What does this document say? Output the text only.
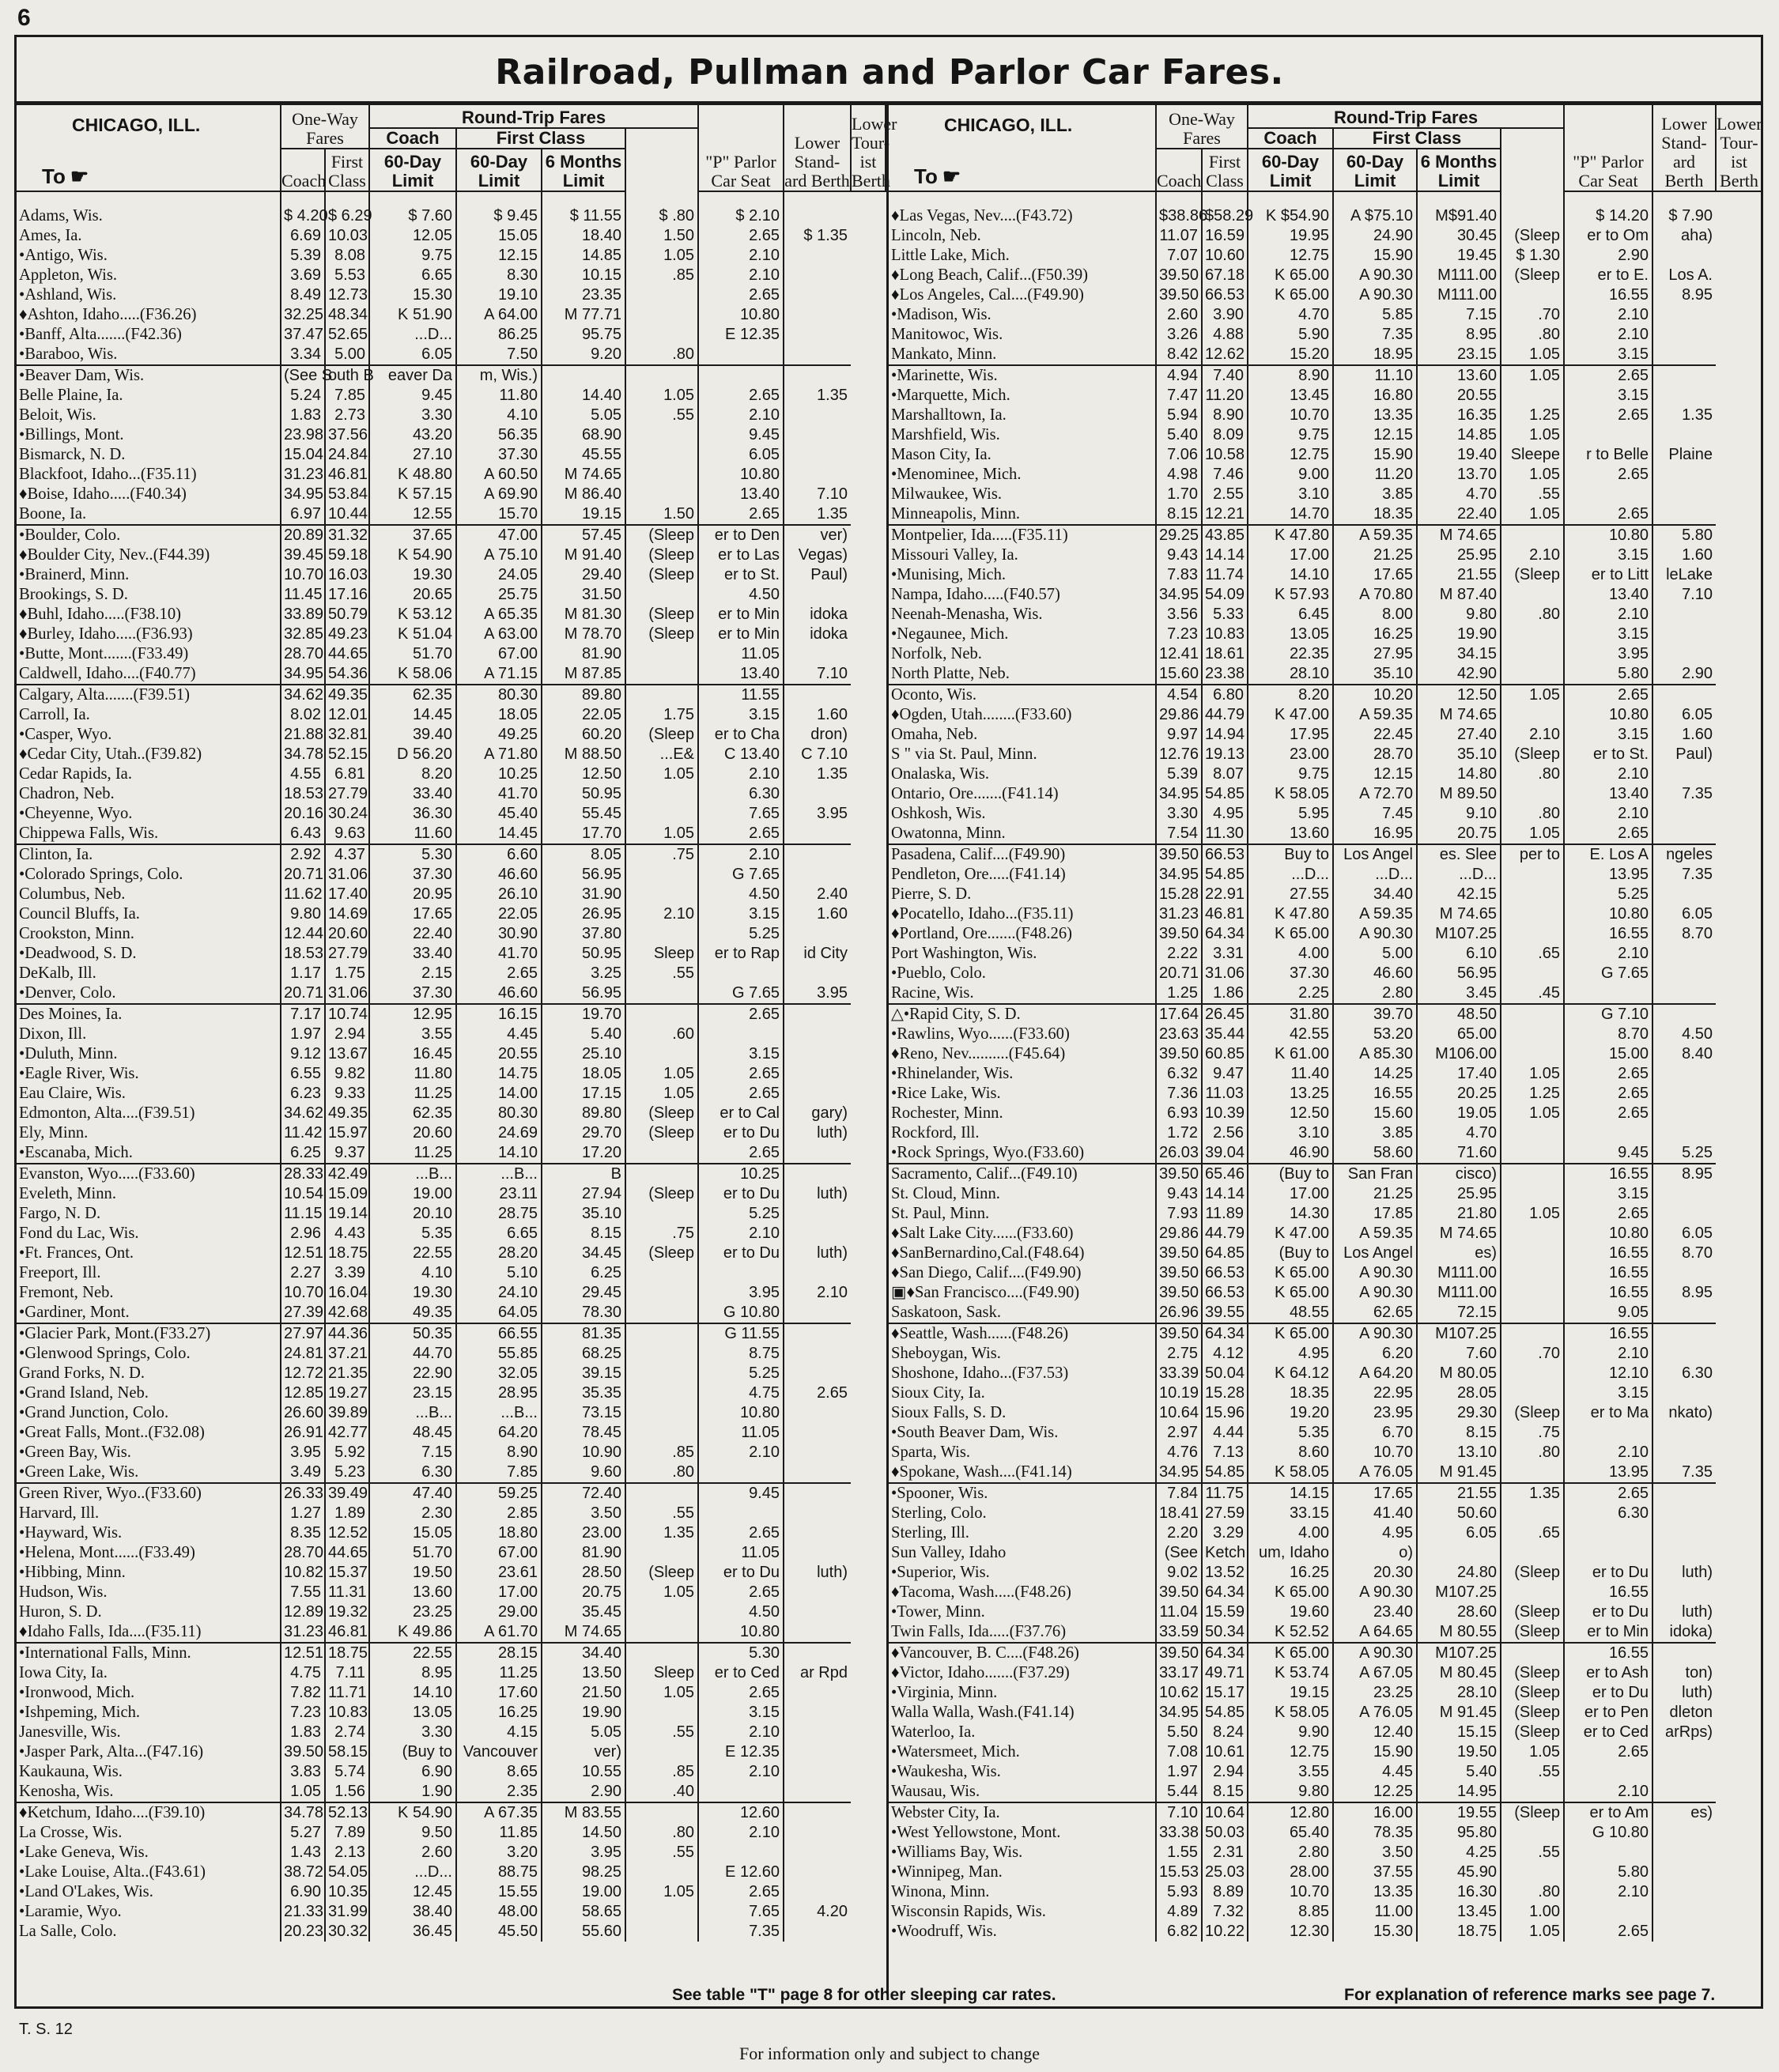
6
Railroad, Pullman and Parlor Car Fares.
CHICAGO, ILL.
To ☛	One-Way Fares		Round-Trip Fares				"P" Parlor Car Seat	Lower Stand-ard Berth	Lower Tour-ist Berth
			Coach	First Class					
	Coach	First Class	60-Day Limit	60-Day Limit	6 Months Limit				

Adams, Wis.	$ 4.20	$ 6.29	$ 7.60	$ 9.45	$ 11.55	$ .80	$ 2.10		
Ames, Ia.	6.69	10.03	12.05	15.05	18.40	1.50	2.65	$ 1.35	
•Antigo, Wis.	5.39	8.08	9.75	12.15	14.85	1.05	2.10		
Appleton, Wis.	3.69	5.53	6.65	8.30	10.15	.85	2.10		
•Ashland, Wis.	8.49	12.73	15.30	19.10	23.35		2.65		
♦Ashton, Idaho.....(F36.26)	32.25	48.34	K 51.90	A 64.00	M 77.71		10.80		
•Banff, Alta.......(F42.36)	37.47	52.65	...D...	86.25	95.75		E 12.35		
•Baraboo, Wis.	3.34	5.00	6.05	7.50	9.20	.80			
•Beaver Dam, Wis.	(See S	outh B	eaver Da	m, Wis.)					
Belle Plaine, Ia.	5.24	7.85	9.45	11.80	14.40	1.05	2.65	1.35	
Beloit, Wis.	1.83	2.73	3.30	4.10	5.05	.55	2.10		
•Billings, Mont.	23.98	37.56	43.20	56.35	68.90		9.45		
Bismarck, N. D.	15.04	24.84	27.10	37.30	45.55		6.05		
Blackfoot, Idaho...(F35.11)	31.23	46.81	K 48.80	A 60.50	M 74.65		10.80		
♦Boise, Idaho.....(F40.34)	34.95	53.84	K 57.15	A 69.90	M 86.40		13.40	7.10	
Boone, Ia.	6.97	10.44	12.55	15.70	19.15	1.50	2.65	1.35	
•Boulder, Colo.	20.89	31.32	37.65	47.00	57.45	(Sleep	er to Den	ver)	
♦Boulder City, Nev..(F44.39)	39.45	59.18	K 54.90	A 75.10	M 91.40	(Sleep	er to Las	Vegas)	
•Brainerd, Minn.	10.70	16.03	19.30	24.05	29.40	(Sleep	er to St.	Paul)	
Brookings, S. D.	11.45	17.16	20.65	25.75	31.50		4.50		
♦Buhl, Idaho.....(F38.10)	33.89	50.79	K 53.12	A 65.35	M 81.30	(Sleep	er to Min	idoka	
♦Burley, Idaho.....(F36.93)	32.85	49.23	K 51.04	A 63.00	M 78.70	(Sleep	er to Min	idoka	
•Butte, Mont.......(F33.49)	28.70	44.65	51.70	67.00	81.90		11.05		
Caldwell, Idaho....(F40.77)	34.95	54.36	K 58.06	A 71.15	M 87.85		13.40	7.10	
Calgary, Alta.......(F39.51)	34.62	49.35	62.35	80.30	89.80		11.55		
Carroll, Ia.	8.02	12.01	14.45	18.05	22.05	1.75	3.15	1.60	
•Casper, Wyo.	21.88	32.81	39.40	49.25	60.20	(Sleep	er to Cha	dron)	
♦Cedar City, Utah..(F39.82)	34.78	52.15	D 56.20	A 71.80	M 88.50	...E&	C 13.40	C 7.10	
Cedar Rapids, Ia.	4.55	6.81	8.20	10.25	12.50	1.05	2.10	1.35	
Chadron, Neb.	18.53	27.79	33.40	41.70	50.95		6.30		
•Cheyenne, Wyo.	20.16	30.24	36.30	45.40	55.45		7.65	3.95	
Chippewa Falls, Wis.	6.43	9.63	11.60	14.45	17.70	1.05	2.65		
Clinton, Ia.	2.92	4.37	5.30	6.60	8.05	.75	2.10		
•Colorado Springs, Colo.	20.71	31.06	37.30	46.60	56.95		G 7.65		
Columbus, Neb.	11.62	17.40	20.95	26.10	31.90		4.50	2.40	
Council Bluffs, Ia.	9.80	14.69	17.65	22.05	26.95	2.10	3.15	1.60	
Crookston, Minn.	12.44	20.60	22.40	30.90	37.80		5.25		
•Deadwood, S. D.	18.53	27.79	33.40	41.70	50.95	Sleep	er to Rap	id City	
DeKalb, Ill.	1.17	1.75	2.15	2.65	3.25	.55			
•Denver, Colo.	20.71	31.06	37.30	46.60	56.95		G 7.65	3.95	
Des Moines, Ia.	7.17	10.74	12.95	16.15	19.70		2.65		
Dixon, Ill.	1.97	2.94	3.55	4.45	5.40	.60			
•Duluth, Minn.	9.12	13.67	16.45	20.55	25.10		3.15		
•Eagle River, Wis.	6.55	9.82	11.80	14.75	18.05	1.05	2.65		
Eau Claire, Wis.	6.23	9.33	11.25	14.00	17.15	1.05	2.65		
Edmonton, Alta....(F39.51)	34.62	49.35	62.35	80.30	89.80	(Sleep	er to Cal	gary)	
Ely, Minn.	11.42	15.97	20.60	24.69	29.70	(Sleep	er to Du	luth)	
•Escanaba, Mich.	6.25	9.37	11.25	14.10	17.20		2.65		
Evanston, Wyo.....(F33.60)	28.33	42.49	...B...	...B...	B		10.25		
Eveleth, Minn.	10.54	15.09	19.00	23.11	27.94	(Sleep	er to Du	luth)	
Fargo, N. D.	11.15	19.14	20.10	28.75	35.10		5.25		
Fond du Lac, Wis.	2.96	4.43	5.35	6.65	8.15	.75	2.10		
•Ft. Frances, Ont.	12.51	18.75	22.55	28.20	34.45	(Sleep	er to Du	luth)	
Freeport, Ill.	2.27	3.39	4.10	5.10	6.25				
Fremont, Neb.	10.70	16.04	19.30	24.10	29.45		3.95	2.10	
•Gardiner, Mont.	27.39	42.68	49.35	64.05	78.30		G 10.80		
•Glacier Park, Mont.(F33.27)	27.97	44.36	50.35	66.55	81.35		G 11.55		
•Glenwood Springs, Colo.	24.81	37.21	44.70	55.85	68.25		8.75		
Grand Forks, N. D.	12.72	21.35	22.90	32.05	39.15		5.25		
•Grand Island, Neb.	12.85	19.27	23.15	28.95	35.35		4.75	2.65	
•Grand Junction, Colo.	26.60	39.89	...B...	...B...	73.15		10.80		
•Great Falls, Mont..(F32.08)	26.91	42.77	48.45	64.20	78.45		11.05		
•Green Bay, Wis.	3.95	5.92	7.15	8.90	10.90	.85	2.10		
•Green Lake, Wis.	3.49	5.23	6.30	7.85	9.60	.80			
Green River, Wyo..(F33.60)	26.33	39.49	47.40	59.25	72.40		9.45		
Harvard, Ill.	1.27	1.89	2.30	2.85	3.50	.55			
•Hayward, Wis.	8.35	12.52	15.05	18.80	23.00	1.35	2.65		
•Helena, Mont......(F33.49)	28.70	44.65	51.70	67.00	81.90		11.05		
•Hibbing, Minn.	10.82	15.37	19.50	23.61	28.50	(Sleep	er to Du	luth)	
Hudson, Wis.	7.55	11.31	13.60	17.00	20.75	1.05	2.65		
Huron, S. D.	12.89	19.32	23.25	29.00	35.45		4.50		
♦Idaho Falls, Ida....(F35.11)	31.23	46.81	K 49.86	A 61.70	M 74.65		10.80		
•International Falls, Minn.	12.51	18.75	22.55	28.15	34.40		5.30		
Iowa City, Ia.	4.75	7.11	8.95	11.25	13.50	Sleep	er to Ced	ar Rpd	
•Ironwood, Mich.	7.82	11.71	14.10	17.60	21.50	1.05	2.65		
•Ishpeming, Mich.	7.23	10.83	13.05	16.25	19.90		3.15		
Janesville, Wis.	1.83	2.74	3.30	4.15	5.05	.55	2.10		
•Jasper Park, Alta...(F47.16)	39.50	58.15	(Buy to	Vancouver	ver)		E 12.35		
Kaukauna, Wis.	3.83	5.74	6.90	8.65	10.55	.85	2.10		
Kenosha, Wis.	1.05	1.56	1.90	2.35	2.90	.40			
♦Ketchum, Idaho....(F39.10)	34.78	52.13	K 54.90	A 67.35	M 83.55		12.60		
La Crosse, Wis.	5.27	7.89	9.50	11.85	14.50	.80	2.10		
•Lake Geneva, Wis.	1.43	2.13	2.60	3.20	3.95	.55			
•Lake Louise, Alta..(F43.61)	38.72	54.05	...D...	88.75	98.25		E 12.60		
•Land O'Lakes, Wis.	6.90	10.35	12.45	15.55	19.00	1.05	2.65		
•Laramie, Wyo.	21.33	31.99	38.40	48.00	58.65		7.65	4.20	
La Salle, Colo.	20.23	30.32	36.45	45.50	55.60		7.35		
CHICAGO, ILL.
To ☛	One-Way Fares		Round-Trip Fares				"P" Parlor Car Seat	Lower Stand-ard Berth	Lower Tour-ist Berth
			Coach	First Class					
	Coach	First Class	60-Day Limit	60-Day Limit	6 Months Limit				

♦Las Vegas, Nev....(F43.72)	$38.86	$58.29	K $54.90	A $75.10	M$91.40		$ 14.20	$ 7.90	
Lincoln, Neb.	11.07	16.59	19.95	24.90	30.45	(Sleep	er to Om	aha)	
Little Lake, Mich.	7.07	10.60	12.75	15.90	19.45	$ 1.30	2.90		
♦Long Beach, Calif...(F50.39)	39.50	67.18	K 65.00	A 90.30	M111.00	(Sleep	er to E.	Los A.	
♦Los Angeles, Cal....(F49.90)	39.50	66.53	K 65.00	A 90.30	M111.00		16.55	8.95	
•Madison, Wis.	2.60	3.90	4.70	5.85	7.15	.70	2.10		
Manitowoc, Wis.	3.26	4.88	5.90	7.35	8.95	.80	2.10		
Mankato, Minn.	8.42	12.62	15.20	18.95	23.15	1.05	3.15		
•Marinette, Wis.	4.94	7.40	8.90	11.10	13.60	1.05	2.65		
•Marquette, Mich.	7.47	11.20	13.45	16.80	20.55		3.15		
Marshalltown, Ia.	5.94	8.90	10.70	13.35	16.35	1.25	2.65	1.35	
Marshfield, Wis.	5.40	8.09	9.75	12.15	14.85	1.05			
Mason City, Ia.	7.06	10.58	12.75	15.90	19.40	Sleepe	r to Belle	Plaine	
•Menominee, Mich.	4.98	7.46	9.00	11.20	13.70	1.05	2.65		
Milwaukee, Wis.	1.70	2.55	3.10	3.85	4.70	.55			
Minneapolis, Minn.	8.15	12.21	14.70	18.35	22.40	1.05	2.65		
Montpelier, Ida.....(F35.11)	29.25	43.85	K 47.80	A 59.35	M 74.65		10.80	5.80	
Missouri Valley, Ia.	9.43	14.14	17.00	21.25	25.95	2.10	3.15	1.60	
•Munising, Mich.	7.83	11.74	14.10	17.65	21.55	(Sleep	er to Litt	leLake	
Nampa, Idaho.....(F40.57)	34.95	54.09	K 57.93	A 70.80	M 87.40		13.40	7.10	
Neenah-Menasha, Wis.	3.56	5.33	6.45	8.00	9.80	.80	2.10		
•Negaunee, Mich.	7.23	10.83	13.05	16.25	19.90		3.15		
Norfolk, Neb.	12.41	18.61	22.35	27.95	34.15		3.95		
North Platte, Neb.	15.60	23.38	28.10	35.10	42.90		5.80	2.90	
Oconto, Wis.	4.54	6.80	8.20	10.20	12.50	1.05	2.65		
♦Ogden, Utah........(F33.60)	29.86	44.79	K 47.00	A 59.35	M 74.65		10.80	6.05	
Omaha, Neb.	9.97	14.94	17.95	22.45	27.40	2.10	3.15	1.60	
S " via St. Paul, Minn.	12.76	19.13	23.00	28.70	35.10	(Sleep	er to St.	Paul)	
Onalaska, Wis.	5.39	8.07	9.75	12.15	14.80	.80	2.10		
Ontario, Ore.......(F41.14)	34.95	54.85	K 58.05	A 72.70	M 89.50		13.40	7.35	
Oshkosh, Wis.	3.30	4.95	5.95	7.45	9.10	.80	2.10		
Owatonna, Minn.	7.54	11.30	13.60	16.95	20.75	1.05	2.65		
Pasadena, Calif....(F49.90)	39.50	66.53	Buy to	Los Angel	es. Slee	per to	E. Los A	ngeles	
Pendleton, Ore.....(F41.14)	34.95	54.85	...D...	...D...	...D...		13.95	7.35	
Pierre, S. D.	15.28	22.91	27.55	34.40	42.15		5.25		
♦Pocatello, Idaho...(F35.11)	31.23	46.81	K 47.80	A 59.35	M 74.65		10.80	6.05	
♦Portland, Ore.......(F48.26)	39.50	64.34	K 65.00	A 90.30	M107.25		16.55	8.70	
Port Washington, Wis.	2.22	3.31	4.00	5.00	6.10	.65	2.10		
•Pueblo, Colo.	20.71	31.06	37.30	46.60	56.95		G 7.65		
Racine, Wis.	1.25	1.86	2.25	2.80	3.45	.45			
△•Rapid City, S. D.	17.64	26.45	31.80	39.70	48.50		G 7.10		
•Rawlins, Wyo......(F33.60)	23.63	35.44	42.55	53.20	65.00		8.70	4.50	
♦Reno, Nev..........(F45.64)	39.50	60.85	K 61.00	A 85.30	M106.00		15.00	8.40	
•Rhinelander, Wis.	6.32	9.47	11.40	14.25	17.40	1.05	2.65		
•Rice Lake, Wis.	7.36	11.03	13.25	16.55	20.25	1.25	2.65		
Rochester, Minn.	6.93	10.39	12.50	15.60	19.05	1.05	2.65		
Rockford, Ill.	1.72	2.56	3.10	3.85	4.70				
•Rock Springs, Wyo.(F33.60)	26.03	39.04	46.90	58.60	71.60		9.45	5.25	
Sacramento, Calif...(F49.10)	39.50	65.46	(Buy to	San Fran	cisco)		16.55	8.95	
St. Cloud, Minn.	9.43	14.14	17.00	21.25	25.95		3.15		
St. Paul, Minn.	7.93	11.89	14.30	17.85	21.80	1.05	2.65		
♦Salt Lake City......(F33.60)	29.86	44.79	K 47.00	A 59.35	M 74.65		10.80	6.05	
♦SanBernardino,Cal.(F48.64)	39.50	64.85	(Buy to	Los Angel	es)		16.55	8.70	
♦San Diego, Calif....(F49.90)	39.50	66.53	K 65.00	A 90.30	M111.00		16.55		
▣♦San Francisco....(F49.90)	39.50	66.53	K 65.00	A 90.30	M111.00		16.55	8.95	
Saskatoon, Sask.	26.96	39.55	48.55	62.65	72.15		9.05		
♦Seattle, Wash......(F48.26)	39.50	64.34	K 65.00	A 90.30	M107.25		16.55		
Sheboygan, Wis.	2.75	4.12	4.95	6.20	7.60	.70	2.10		
Shoshone, Idaho...(F37.53)	33.39	50.04	K 64.12	A 64.20	M 80.05		12.10	6.30	
Sioux City, Ia.	10.19	15.28	18.35	22.95	28.05		3.15		
Sioux Falls, S. D.	10.64	15.96	19.20	23.95	29.30	(Sleep	er to Ma	nkato)	
•South Beaver Dam, Wis.	2.97	4.44	5.35	6.70	8.15	.75			
Sparta, Wis.	4.76	7.13	8.60	10.70	13.10	.80	2.10		
♦Spokane, Wash....(F41.14)	34.95	54.85	K 58.05	A 76.05	M 91.45		13.95	7.35	
•Spooner, Wis.	7.84	11.75	14.15	17.65	21.55	1.35	2.65		
Sterling, Colo.	18.41	27.59	33.15	41.40	50.60		6.30		
Sterling, Ill.	2.20	3.29	4.00	4.95	6.05	.65			
Sun Valley, Idaho	(See	Ketch	um, Idaho	o)					
•Superior, Wis.	9.02	13.52	16.25	20.30	24.80	(Sleep	er to Du	luth)	
♦Tacoma, Wash.....(F48.26)	39.50	64.34	K 65.00	A 90.30	M107.25		16.55		
•Tower, Minn.	11.04	15.59	19.60	23.40	28.60	(Sleep	er to Du	luth)	
Twin Falls, Ida.....(F37.76)	33.59	50.34	K 52.52	A 64.65	M 80.55	(Sleep	er to Min	idoka)	
♦Vancouver, B. C....(F48.26)	39.50	64.34	K 65.00	A 90.30	M107.25		16.55		
♦Victor, Idaho.......(F37.29)	33.17	49.71	K 53.74	A 67.05	M 80.45	(Sleep	er to Ash	ton)	
•Virginia, Minn.	10.62	15.17	19.15	23.25	28.10	(Sleep	er to Du	luth)	
Walla Walla, Wash.(F41.14)	34.95	54.85	K 58.05	A 76.05	M 91.45	(Sleep	er to Pen	dleton	
Waterloo, Ia.	5.50	8.24	9.90	12.40	15.15	(Sleep	er to Ced	arRps)	
•Watersmeet, Mich.	7.08	10.61	12.75	15.90	19.50	1.05	2.65		
•Waukesha, Wis.	1.97	2.94	3.55	4.45	5.40	.55			
Wausau, Wis.	5.44	8.15	9.80	12.25	14.95		2.10		
Webster City, Ia.	7.10	10.64	12.80	16.00	19.55	(Sleep	er to Am	es)	
•West Yellowstone, Mont.	33.38	50.03	65.40	78.35	95.80		G 10.80		
•Williams Bay, Wis.	1.55	2.31	2.80	3.50	4.25	.55			
•Winnipeg, Man.	15.53	25.03	28.00	37.55	45.90		5.80		
Winona, Minn.	5.93	8.89	10.70	13.35	16.30	.80	2.10		
Wisconsin Rapids, Wis.	4.89	7.32	8.85	11.00	13.45	1.00			
•Woodruff, Wis.	6.82	10.22	12.30	15.30	18.75	1.05	2.65		
See table "T" page 8 for other sleeping car rates.	For explanation of reference marks see page 7.
T. S. 12
For information only and subject to change
